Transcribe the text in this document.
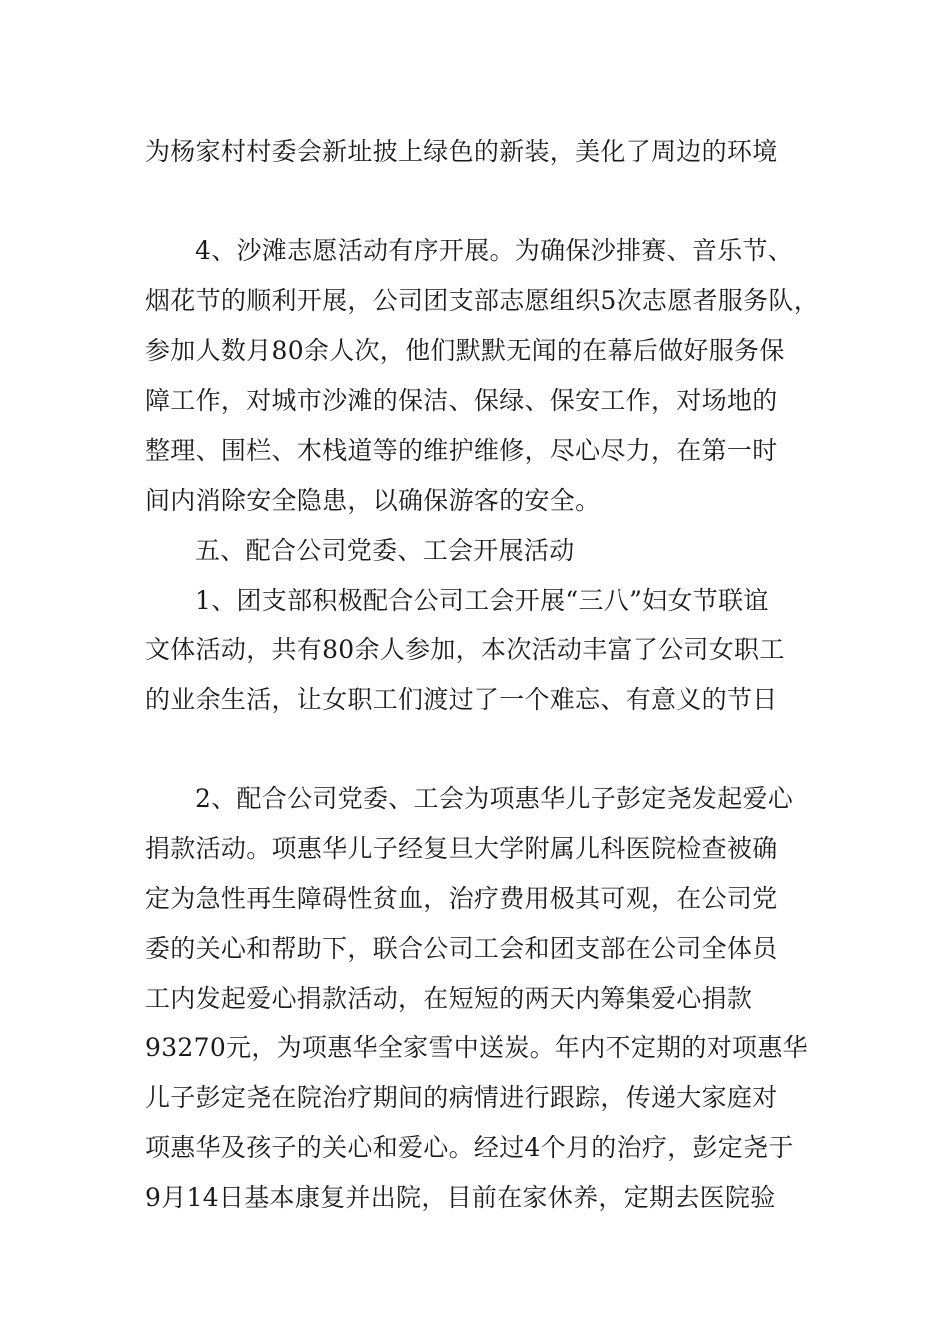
为杨家村村委会新址披上绿色的新装，美化了周边的环境
4、沙滩志愿活动有序开展。为确保沙排赛、音乐节、
烟花节的顺利开展，公司团支部志愿组织5次志愿者服务队，
参加人数月80余人次，他们默默无闻的在幕后做好服务保
障工作，对城市沙滩的保洁、保绿、保安工作，对场地的
整理、围栏、木栈道等的维护维修，尽心尽力，在第一时
间内消除安全隐患，以确保游客的安全。
五、配合公司党委、工会开展活动
1、团支部积极配合公司工会开展“三八”妇女节联谊
文体活动，共有80余人参加，本次活动丰富了公司女职工
的业余生活，让女职工们渡过了一个难忘、有意义的节日
2、配合公司党委、工会为项惠华儿子彭定尧发起爱心
捐款活动。项惠华儿子经复旦大学附属儿科医院检查被确
定为急性再生障碍性贫血，治疗费用极其可观，在公司党
委的关心和帮助下，联合公司工会和团支部在公司全体员
工内发起爱心捐款活动，在短短的两天内筹集爱心捐款
93270元，为项惠华全家雪中送炭。年内不定期的对项惠华
儿子彭定尧在院治疗期间的病情进行跟踪，传递大家庭对
项惠华及孩子的关心和爱心。经过4个月的治疗，彭定尧于
9月14日基本康复并出院，目前在家休养，定期去医院验
